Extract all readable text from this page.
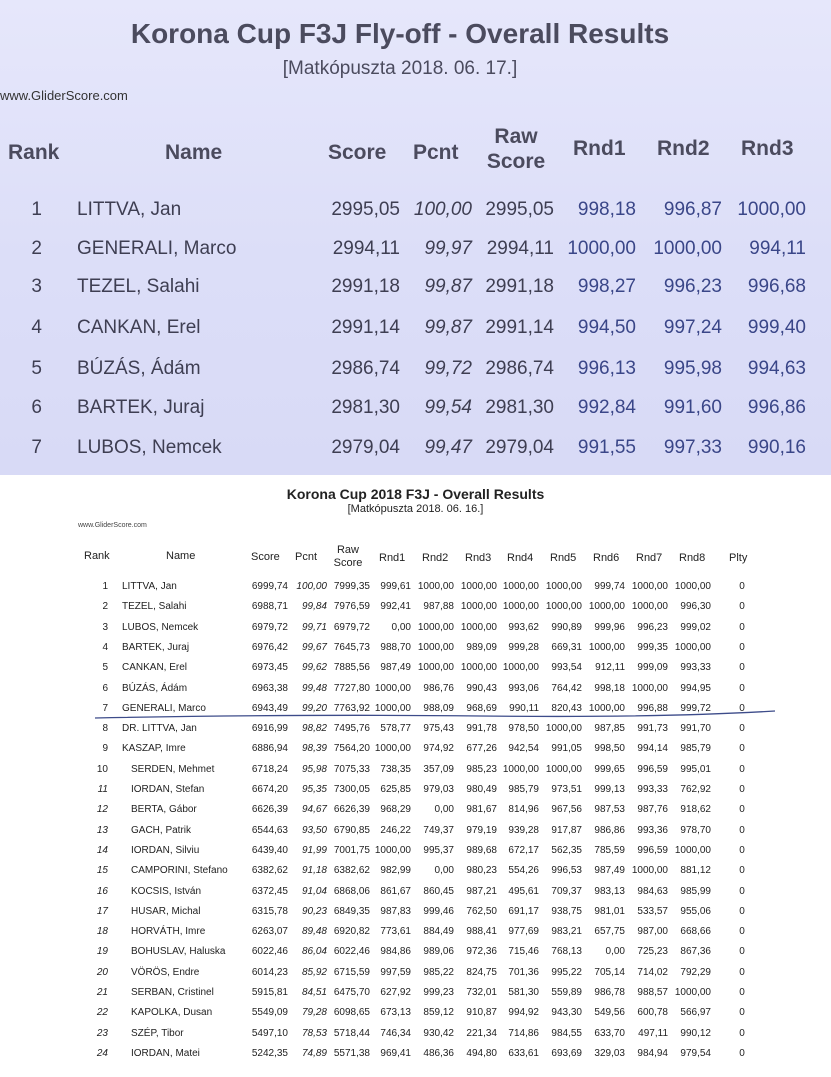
Korona Cup F3J Fly-off - Overall Results
[Matkópuszta 2018. 06. 17.]
www.GliderScore.com
Rank	Name	Score Pcnt
Raw
Score
Rnd1 Rnd2 Rnd3
1 LITTVA, Jan	2995,05 100,00 2995,05	998,18	996,87 1000,00
2 GENERALI, Marco	2994,11	99,97 2994,11 1000,00 1000,00	994,11
3 TEZEL, Salahi	2991,18	99,87 2991,18	998,27	996,23	996,68
4 CANKAN, Erel	2991,14	99,87 2991,14	994,50	997,24	999,40
5 BÚZÁS, Ádám	2986,74	99,72 2986,74	996,13	995,98	994,63
6 BARTEK, Juraj	2981,30	99,54 2981,30	992,84	991,60	996,86
7 LUBOS, Nemcek	2979,04	99,47 2979,04	991,55	997,33	990,16
Korona Cup 2018 F3J - Overall Results
[Matkópuszta 2018. 06. 16.]
www.GliderScore.com
Rank	Name	Score Pcnt
Raw
Score	Rnd1 Rnd2 Rnd3 Rnd4 Rnd5 Rnd6 Rnd7 Rnd8 Plty
1 LITTVA, Jan	6999,74 100,00 7999,35	999,61 1000,00 1000,00 1000,00 1000,00	999,74 1000,00 1000,00	0
2 TEZEL, Salahi	6988,71	99,84 7976,59	992,41	987,88 1000,00 1000,00 1000,00 1000,00 1000,00	996,30	0
3 LUBOS, Nemcek	6979,72	99,71 6979,72	0,00 1000,00 1000,00	993,62	990,89	999,96	996,23	999,02	0
4 BARTEK, Juraj	6976,42	99,67 7645,73	988,70 1000,00	989,09	999,28	669,31 1000,00	999,35 1000,00	0
5 CANKAN, Erel	6973,45	99,62 7885,56	987,49 1000,00 1000,00 1000,00	993,54	912,11	999,09	993,33	0
6 BÚZÁS, Ádám	6963,38	99,48 7727,80 1000,00	986,76	990,43	993,06	764,42	998,18 1000,00	994,95	0
7 GENERALI, Marco	6943,49	99,20 7763,92 1000,00	988,09	968,69	990,11	820,43 1000,00	996,88	999,72	0
8 DR. LITTVA, Jan	6916,99	98,82 7495,76	578,77	975,43	991,78	978,50 1000,00	987,85	991,73	991,70	0
9 KASZAP, Imre	6886,94	98,39 7564,20 1000,00	974,92	677,26	942,54	991,05	998,50	994,14	985,79	0
10 SERDEN, Mehmet	6718,24	95,98 7075,33	738,35	357,09	985,23 1000,00 1000,00	999,65	996,59	995,01	0
11 IORDAN, Stefan	6674,20	95,35 7300,05	625,85	979,03	980,49	985,79	973,51	999,13	993,33	762,92	0
12 BERTA, Gábor	6626,39	94,67 6626,39	968,29	0,00	981,67	814,96	967,56	987,53	987,76	918,62	0
13 GACH, Patrik	6544,63	93,50 6790,85	246,22	749,37	979,19	939,28	917,87	986,86	993,36	978,70	0
14 IORDAN, Silviu	6439,40	91,99 7001,75 1000,00	995,37	989,68	672,17	562,35	785,59	996,59 1000,00	0
15 CAMPORINI, Stefano	6382,62	91,18 6382,62	982,99	0,00	980,23	554,26	996,53	987,49 1000,00	881,12	0
16 KOCSIS, István	6372,45	91,04 6868,06	861,67	860,45	987,21	495,61	709,37	983,13	984,63	985,99	0
17 HUSAR, Michal	6315,78	90,23 6849,35	987,83	999,46	762,50	691,17	938,75	981,01	533,57	955,06	0
18 HORVÁTH, Imre	6263,07	89,48 6920,82	773,61	884,49	988,41	977,69	983,21	657,75	987,00	668,66	0
19 BOHUSLAV, Haluska	6022,46	86,04 6022,46	984,86	989,06	972,36	715,46	768,13	0,00	725,23	867,36	0
20 VÖRÖS, Endre	6014,23	85,92 6715,59	997,59	985,22	824,75	701,36	995,22	705,14	714,02	792,29	0
21 SERBAN, Cristinel	5915,81	84,51 6475,70	627,92	999,23	732,01	581,30	559,89	986,78	988,57 1000,00	0
22 KAPOLKA, Dusan	5549,09	79,28 6098,65	673,13	859,12	910,87	994,92	943,30	549,56	600,78	566,97	0
23 SZÉP, Tibor	5497,10	78,53 5718,44	746,34	930,42	221,34	714,86	984,55	633,70	497,11	990,12	0
24 IORDAN, Matei	5242,35	74,89 5571,38	969,41	486,36	494,80	633,61	693,69	329,03	984,94	979,54	0
